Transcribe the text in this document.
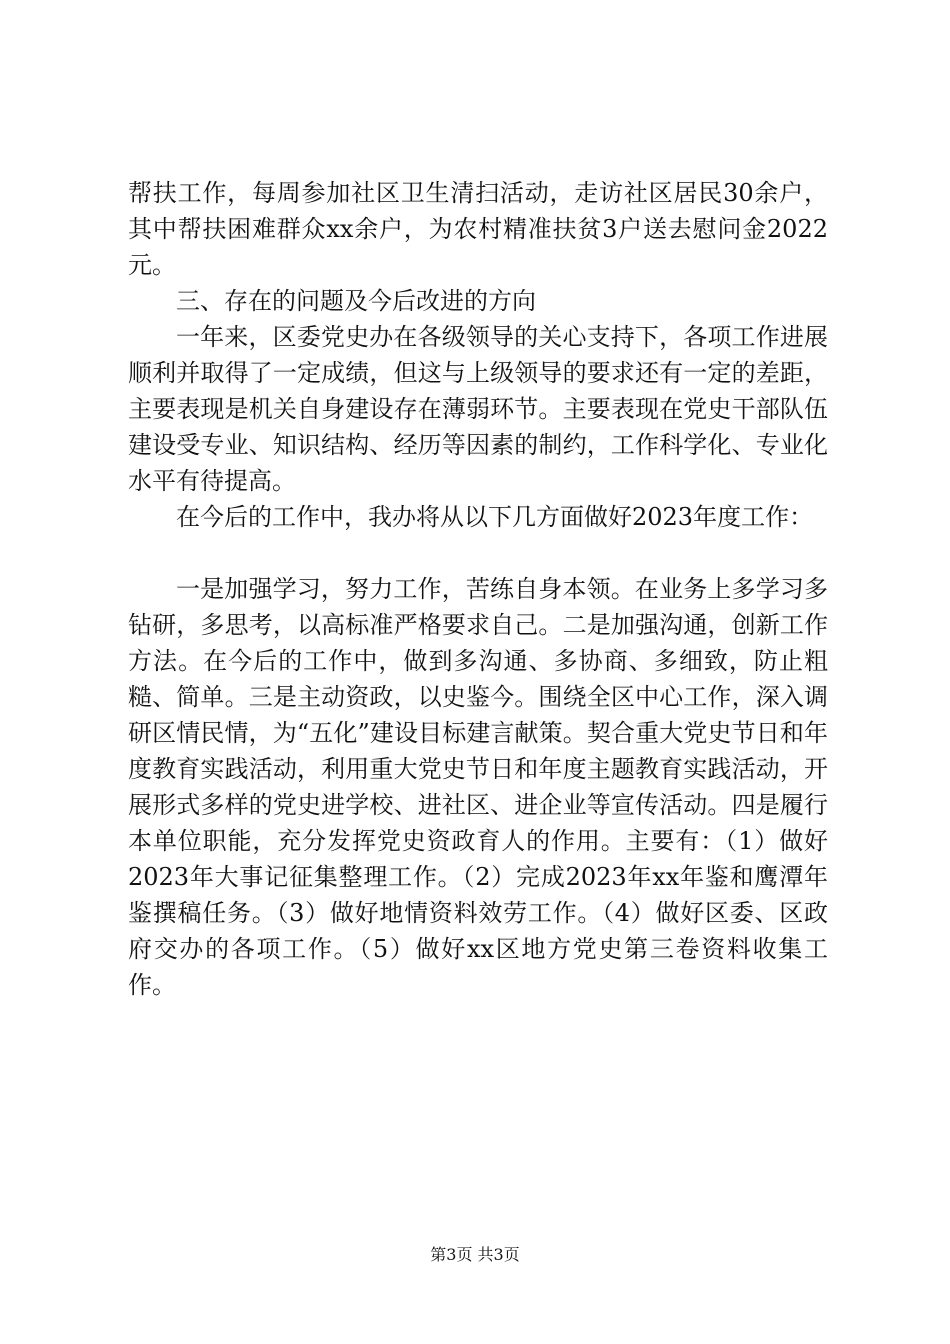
帮扶工作，每周参加社区卫生清扫活动，走访社区居民30余户，其中帮扶困难群众xx余户，为农村精准扶贫3户送去慰问金2022元。

三、存在的问题及今后改进的方向

一年来，区委党史办在各级领导的关心支持下，各项工作进展顺利并取得了一定成绩，但这与上级领导的要求还有一定的差距，主要表现是机关自身建设存在薄弱环节。主要表现在党史干部队伍建设受专业、知识结构、经历等因素的制约，工作科学化、专业化水平有待提高。

在今后的工作中，我办将从以下几方面做好2023年度工作：

一是加强学习，努力工作，苦练自身本领。在业务上多学习多钻研，多思考，以高标准严格要求自己。二是加强沟通，创新工作方法。在今后的工作中，做到多沟通、多协商、多细致，防止粗糙、简单。三是主动资政，以史鉴今。围绕全区中心工作，深入调研区情民情，为“五化”建设目标建言献策。契合重大党史节日和年度教育实践活动，利用重大党史节日和年度主题教育实践活动，开展形式多样的党史进学校、进社区、进企业等宣传活动。四是履行本单位职能，充分发挥党史资政育人的作用。主要有：（1）做好2023年大事记征集整理工作。（2）完成2023年xx年鉴和鹰潭年鉴撰稿任务。（3）做好地情资料效劳工作。（4）做好区委、区政府交办的各项工作。（5）做好xx区地方党史第三卷资料收集工作。

第3页 共3页
